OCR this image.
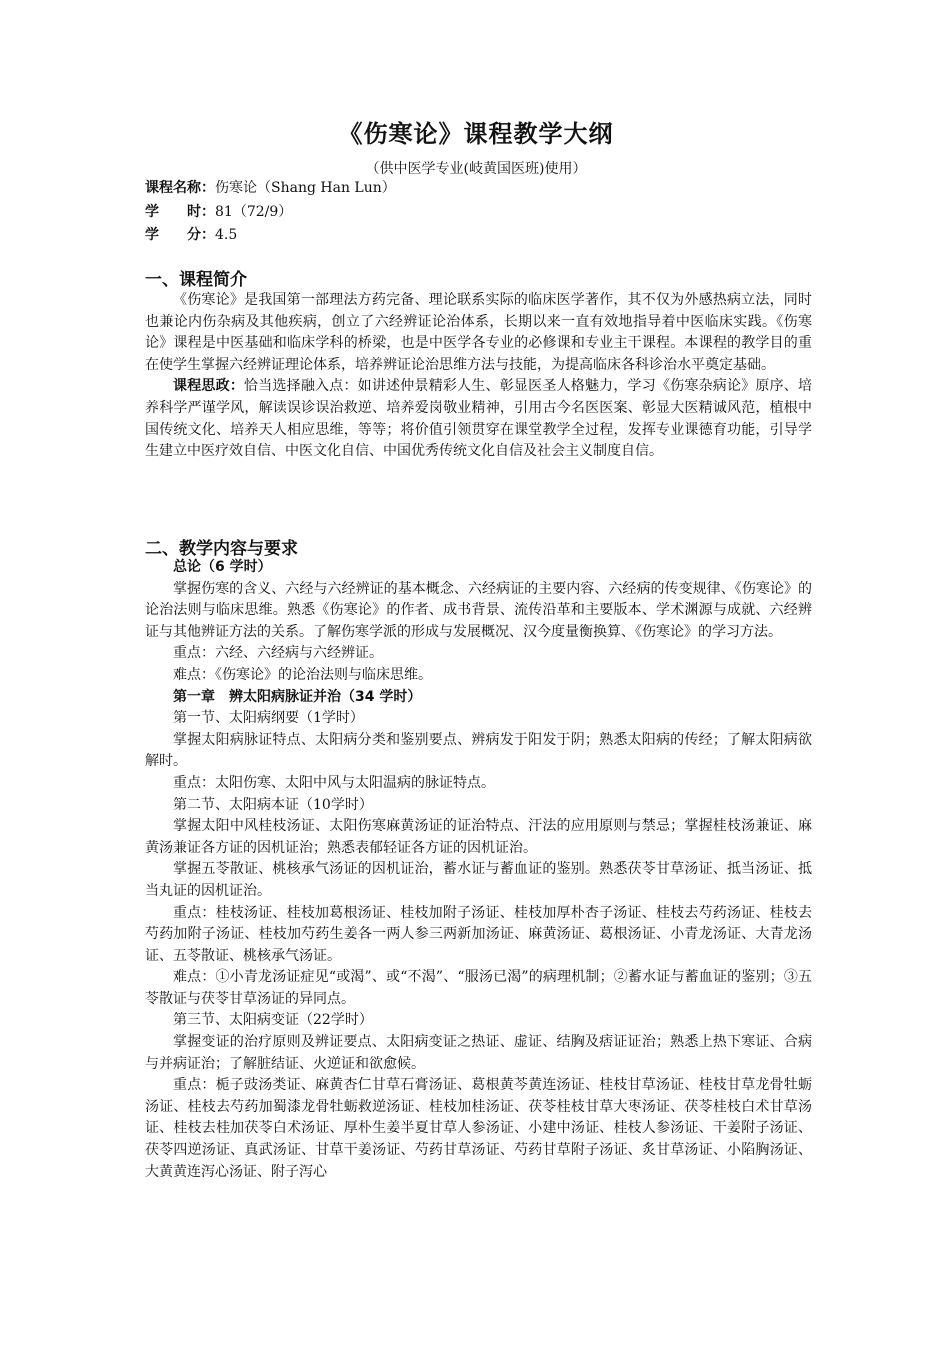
《伤寒论》课程教学大纲
（供中医学专业(岐黄国医班)使用）
课程名称：伤寒论（Shang Han Lun）
学　　时：81（72/9）
学　　分：4.5
一、课程简介

《伤寒论》是我国第一部理法方药完备、理论联系实际的临床医学著作，其不仅为外感热病立法，同时也兼论内伤杂病及其他疾病，创立了六经辨证论治体系，长期以来一直有效地指导着中医临床实践。《伤寒论》课程是中医基础和临床学科的桥梁，也是中医学各专业的必修课和专业主干课程。本课程的教学目的重在使学生掌握六经辨证理论体系，培养辨证论治思维方法与技能，为提高临床各科诊治水平奠定基础。

课程思政：恰当选择融入点：如讲述仲景精彩人生、彰显医圣人格魅力，学习《伤寒杂病论》原序、培养科学严谨学风，解读误诊误治救逆、培养爱岗敬业精神，引用古今名医医案、彰显大医精诚风范，植根中国传统文化、培养天人相应思维，等等；将价值引领贯穿在课堂教学全过程，发挥专业课德育功能，引导学生建立中医疗效自信、中医文化自信、中国优秀传统文化自信及社会主义制度自信。

二、教学内容与要求
总论（6 学时）

掌握伤寒的含义、六经与六经辨证的基本概念、六经病证的主要内容、六经病的传变规律、《伤寒论》的论治法则与临床思维。熟悉《伤寒论》的作者、成书背景、流传沿革和主要版本、学术渊源与成就、六经辨证与其他辨证方法的关系。了解伤寒学派的形成与发展概况、汉今度量衡换算、《伤寒论》的学习方法。

重点：六经、六经病与六经辨证。
难点：《伤寒论》的论治法则与临床思维。
第一章　辨太阳病脉证并治（34 学时）
第一节、太阳病纲要（1学时）

掌握太阳病脉证特点、太阳病分类和鉴别要点、辨病发于阳发于阴；熟悉太阳病的传经；了解太阳病欲解时。

重点：太阳伤寒、太阳中风与太阳温病的脉证特点。
第二节、太阳病本证（10学时）

掌握太阳中风桂枝汤证、太阳伤寒麻黄汤证的证治特点、汗法的应用原则与禁忌；掌握桂枝汤兼证、麻黄汤兼证各方证的因机证治；熟悉表郁轻证各方证的因机证治。

掌握五苓散证、桃核承气汤证的因机证治，蓄水证与蓄血证的鉴别。熟悉茯苓甘草汤证、抵当汤证、抵当丸证的因机证治。

重点：桂枝汤证、桂枝加葛根汤证、桂枝加附子汤证、桂枝加厚朴杏子汤证、桂枝去芍药汤证、桂枝去芍药加附子汤证、桂枝加芍药生姜各一两人参三两新加汤证、麻黄汤证、葛根汤证、小青龙汤证、大青龙汤证、五苓散证、桃核承气汤证。

难点：①小青龙汤证症见“或渴”、或“不渴”、“服汤已渴”的病理机制；②蓄水证与蓄血证的鉴别；③五苓散证与茯苓甘草汤证的异同点。

第三节、太阳病变证（22学时）

掌握变证的治疗原则及辨证要点、太阳病变证之热证、虚证、结胸及痞证证治；熟悉上热下寒证、合病与并病证治；了解脏结证、火逆证和欲愈候。

重点：栀子豉汤类证、麻黄杏仁甘草石膏汤证、葛根黄芩黄连汤证、桂枝甘草汤证、桂枝甘草龙骨牡蛎汤证、桂枝去芍药加蜀漆龙骨牡蛎救逆汤证、桂枝加桂汤证、茯苓桂枝甘草大枣汤证、茯苓桂枝白术甘草汤证、桂枝去桂加茯苓白术汤证、厚朴生姜半夏甘草人参汤证、小建中汤证、桂枝人参汤证、干姜附子汤证、茯苓四逆汤证、真武汤证、甘草干姜汤证、芍药甘草汤证、芍药甘草附子汤证、炙甘草汤证、小陷胸汤证、大黄黄连泻心汤证、附子泻心
